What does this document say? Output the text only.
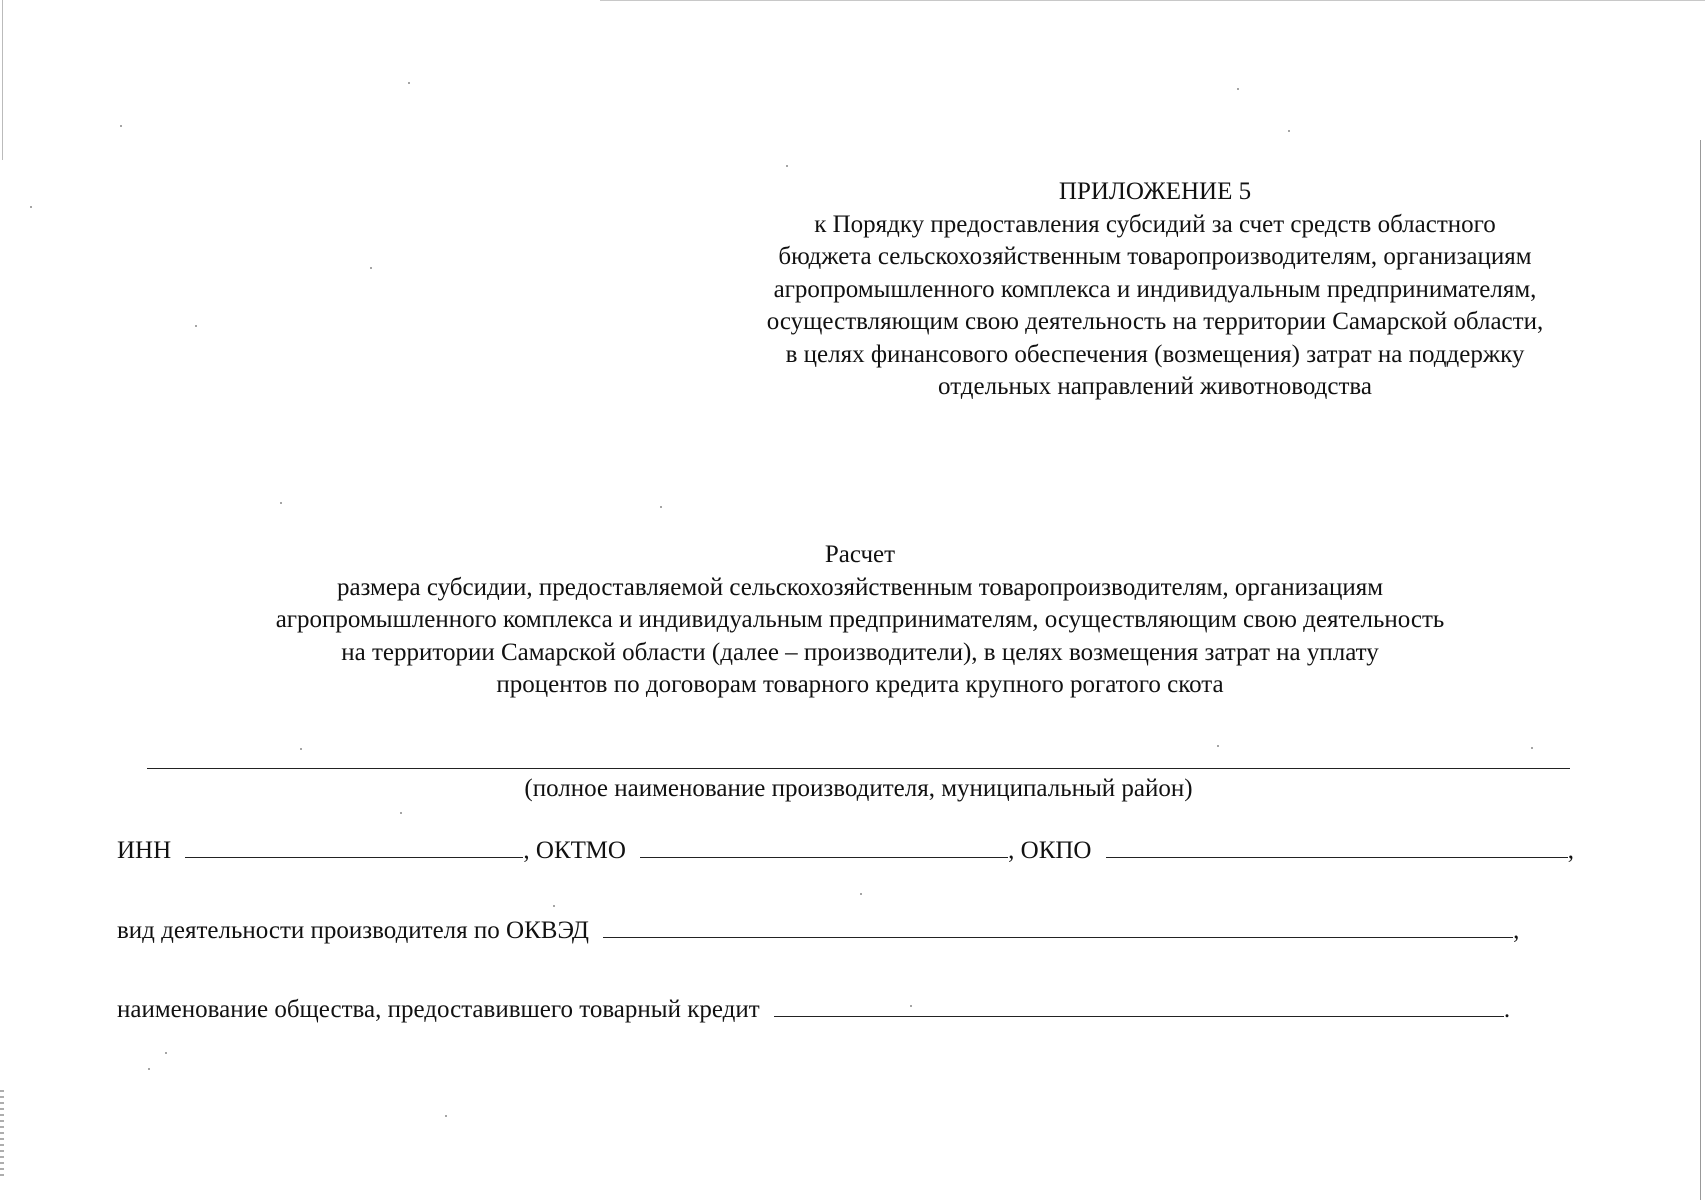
ПРИЛОЖЕНИЕ 5
к Порядку предоставления субсидий за счет средств областного
бюджета сельскохозяйственным товаропроизводителям, организациям
агропромышленного комплекса и индивидуальным предпринимателям,
осуществляющим свою деятельность на территории Самарской области,
в целях финансового обеспечения (возмещения) затрат на поддержку
отдельных направлений животноводства
Расчет
размера субсидии, предоставляемой сельскохозяйственным товаропроизводителям, организациям
агропромышленного комплекса и индивидуальным предпринимателям, осуществляющим свою деятельность
на территории Самарской области (далее – производители), в целях возмещения затрат на уплату
процентов по договорам товарного кредита крупного рогатого скота
(полное наименование производителя, муниципальный район)
ИНН	, ОКТМО	, ОКПО	,
вид деятельности производителя по ОКВЭД	,
наименование общества, предоставившего товарный кредит	.
